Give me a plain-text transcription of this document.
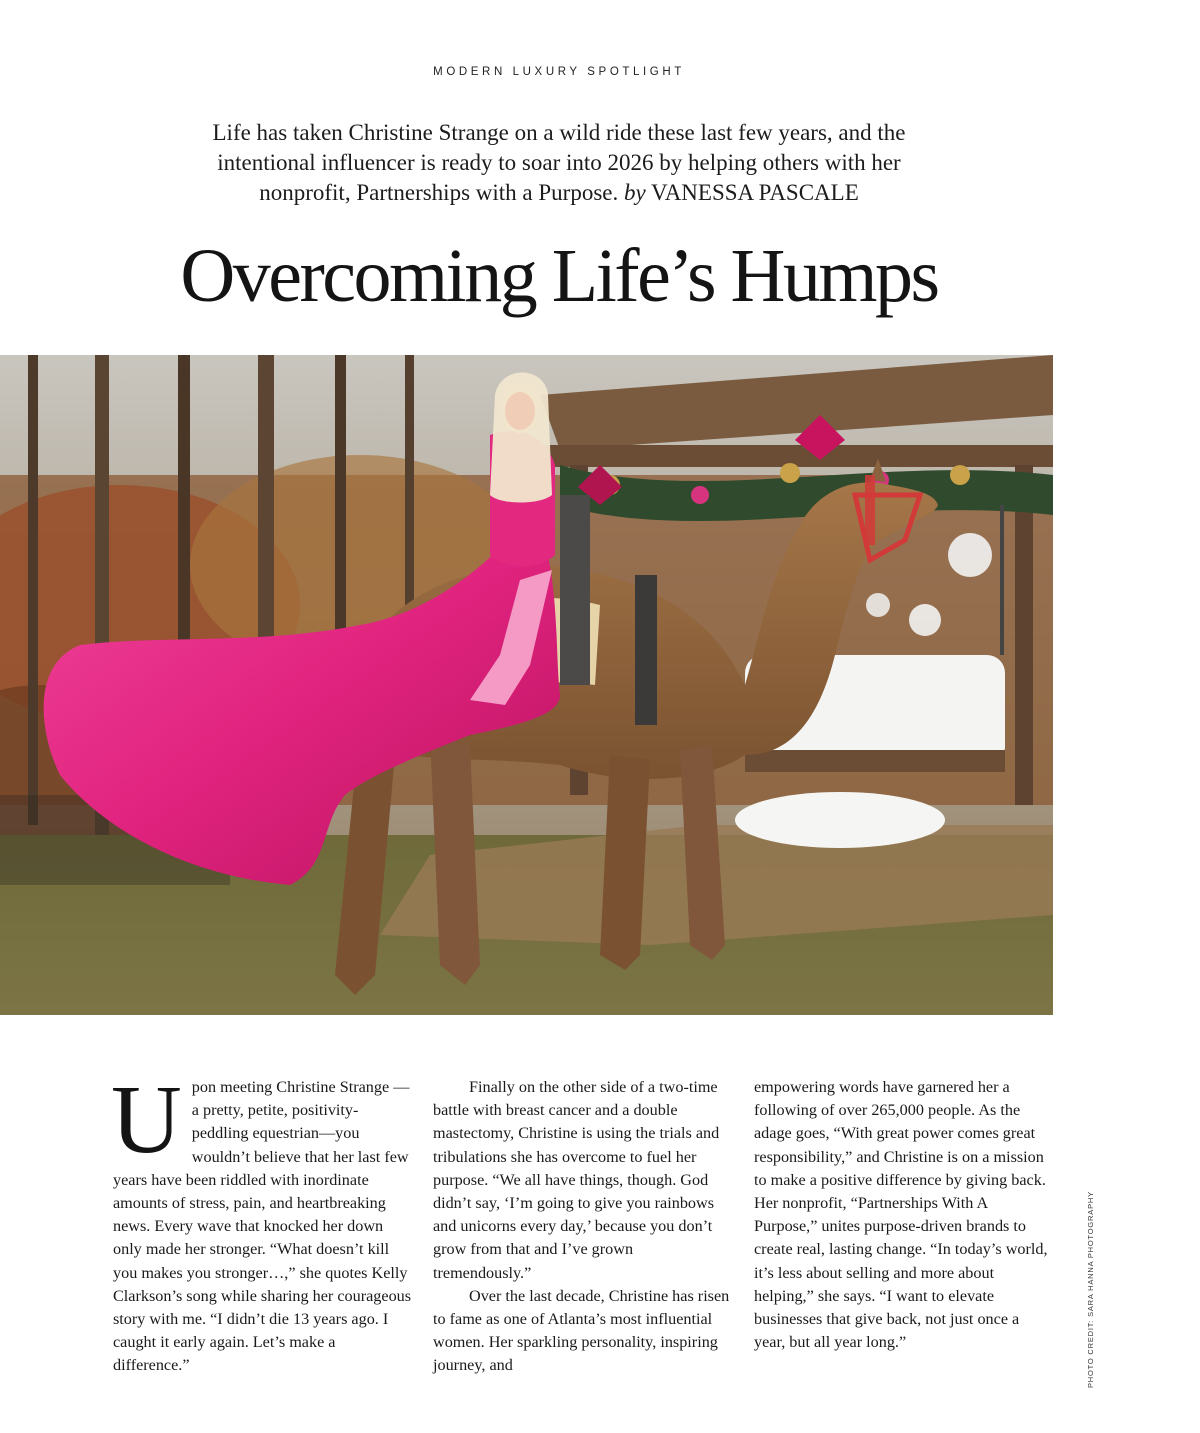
MODERN LUXURY SPOTLIGHT

Life has taken Christine Strange on a wild ride these last few years, and the intentional influencer is ready to soar into 2026 by helping others with her nonprofit, Partnerships with a Purpose. by VANESSA PASCALE

Overcoming Life’s Humps
U pon meeting Christine Strange —a pretty, petite, positivity-peddling equestrian—you wouldn’t believe that her last few years have been riddled with inordinate amounts of stress, pain, and heartbreaking news. Every wave that knocked her down only made her stronger. “What doesn’t kill you makes you stronger…,” she quotes Kelly Clarkson’s song while sharing her courageous story with me. “I didn’t die 13 years ago. I caught it early again. Let’s make a difference.”

Finally on the other side of a two-time battle with breast cancer and a double mastectomy, Christine is using the trials and tribulations she has overcome to fuel her purpose. “We all have things, though. God didn’t say, ‘I’m going to give you rainbows and unicorns every day,’ because you don’t grow from that and I’ve grown tremendously.”

Over the last decade, Christine has risen to fame as one of Atlanta’s most influential women. Her sparkling personality, inspiring journey, and

empowering words have garnered her a following of over 265,000 people. As the adage goes, “With great power comes great responsibility,” and Christine is on a mission to make a positive difference by giving back. Her nonprofit, “Partnerships With A Purpose,” unites purpose-driven brands to create real, lasting change. “In today’s world, it’s less about selling and more about helping,” she says. “I want to elevate businesses that give back, not just once a year, but all year long.”	PHOTO CREDIT: SARA HANNA PHOTOGRAPHY
